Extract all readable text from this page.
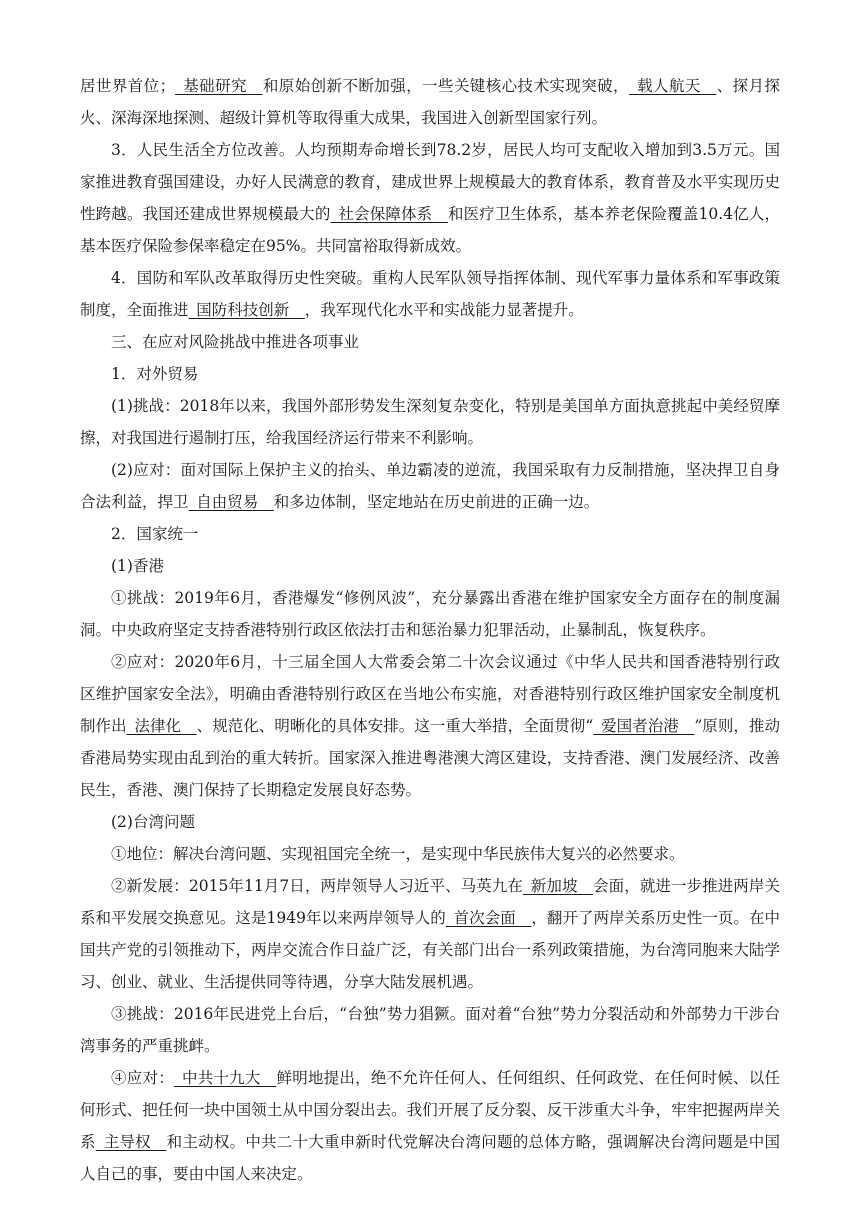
居世界首位；_基础研究__和原始创新不断加强，一些关键核心技术实现突破，_载人航天__、探月探火、深海深地探测、超级计算机等取得重大成果，我国进入创新型国家行列。

3．人民生活全方位改善。人均预期寿命增长到78.2岁，居民人均可支配收入增加到3.5万元。国家推进教育强国建设，办好人民满意的教育，建成世界上规模最大的教育体系，教育普及水平实现历史性跨越。我国还建成世界规模最大的_社会保障体系__和医疗卫生体系，基本养老保险覆盖10.4亿人，基本医疗保险参保率稳定在95%。共同富裕取得新成效。

4．国防和军队改革取得历史性突破。重构人民军队领导指挥体制、现代军事力量体系和军事政策制度，全面推进_国防科技创新__，我军现代化水平和实战能力显著提升。

三、在应对风险挑战中推进各项事业

1．对外贸易

(1)挑战：2018年以来，我国外部形势发生深刻复杂变化，特别是美国单方面执意挑起中美经贸摩擦，对我国进行遏制打压，给我国经济运行带来不利影响。

(2)应对：面对国际上保护主义的抬头、单边霸凌的逆流，我国采取有力反制措施，坚决捍卫自身合法利益，捍卫_自由贸易__和多边体制，坚定地站在历史前进的正确一边。

2．国家统一

(1)香港

①挑战：2019年6月，香港爆发“修例风波”，充分暴露出香港在维护国家安全方面存在的制度漏洞。中央政府坚定支持香港特别行政区依法打击和惩治暴力犯罪活动，止暴制乱，恢复秩序。

②应对：2020年6月，十三届全国人大常委会第二十次会议通过《中华人民共和国香港特别行政区维护国家安全法》，明确由香港特别行政区在当地公布实施，对香港特别行政区维护国家安全制度机制作出_法律化__、规范化、明晰化的具体安排。这一重大举措，全面贯彻“_爱国者治港__”原则，推动香港局势实现由乱到治的重大转折。国家深入推进粤港澳大湾区建设，支持香港、澳门发展经济、改善民生，香港、澳门保持了长期稳定发展良好态势。

(2)台湾问题

①地位：解决台湾问题、实现祖国完全统一，是实现中华民族伟大复兴的必然要求。

②新发展：2015年11月7日，两岸领导人习近平、马英九在_新加坡__会面，就进一步推进两岸关系和平发展交换意见。这是1949年以来两岸领导人的_首次会面__，翻开了两岸关系历史性一页。在中国共产党的引领推动下，两岸交流合作日益广泛，有关部门出台一系列政策措施，为台湾同胞来大陆学习、创业、就业、生活提供同等待遇，分享大陆发展机遇。

③挑战：2016年民进党上台后，“台独”势力猖獗。面对着“台独”势力分裂活动和外部势力干涉台湾事务的严重挑衅。

④应对：_中共十九大__鲜明地提出，绝不允许任何人、任何组织、任何政党、在任何时候、以任何形式、把任何一块中国领土从中国分裂出去。我们开展了反分裂、反干涉重大斗争，牢牢把握两岸关系_主导权__和主动权。中共二十大重申新时代党解决台湾问题的总体方略，强调解决台湾问题是中国人自己的事，要由中国人来决定。
